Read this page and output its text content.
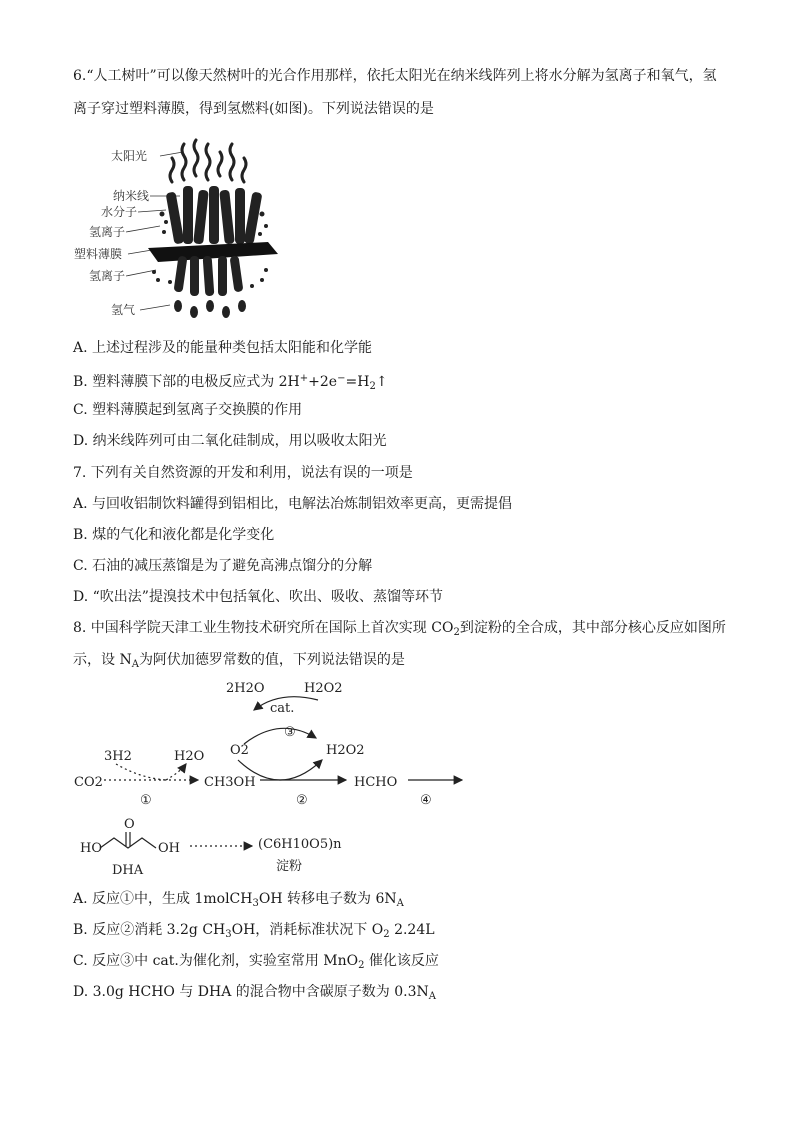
6.“人工树叶”可以像天然树叶的光合作用那样，依托太阳光在纳米线阵列上将水分解为氢离子和氧气，氢
离子穿过塑料薄膜，得到氢燃料(如图)。下列说法错误的是
太阳光
纳米线
水分子
氢离子
塑料薄膜
氢离子
氢气
A. 上述过程涉及的能量种类包括太阳能和化学能
B. 塑料薄膜下部的电极反应式为 $2H^++2e^-=H_2↑$
C. 塑料薄膜起到氢离子交换膜的作用
D. 纳米线阵列可由二氧化硅制成，用以吸收太阳光
7. 下列有关自然资源的开发和利用，说法有误的一项是
A. 与回收铝制饮料罐得到铝相比，电解法冶炼制铝效率更高，更需提倡
B. 煤的气化和液化都是化学变化
C. 石油的减压蒸馏是为了避免高沸点馏分的分解
D. “吹出法”提溴技术中包括氧化、吹出、吸收、蒸馏等环节
8. 中国科学院天津工业生物技术研究所在国际上首次实现 $CO_2$到淀粉的全合成，其中部分核心反应如图所
示，设 $N_A$为阿伏加德罗常数的值，下列说法错误的是
2H2O	H2O2
cat.
③
O2	H2O2
3H2	H2O
CO2	CH3OH	HCHO
①	②	④
O
HO	OH
DHA
(C6H10O5)n
淀粉
A. 反应①中，生成 1molCH$_3$OH 转移电子数为 $6N_A$
B. 反应②消耗 3.2g $CH_3OH$，消耗标准状况下 $O_2$ 2.24L
C. 反应③中 cat.为催化剂，实验室常用 MnO$_2$ 催化该反应
D. 3.0g HCHO 与 DHA 的混合物中含碳原子数为 $0.3N_A$
